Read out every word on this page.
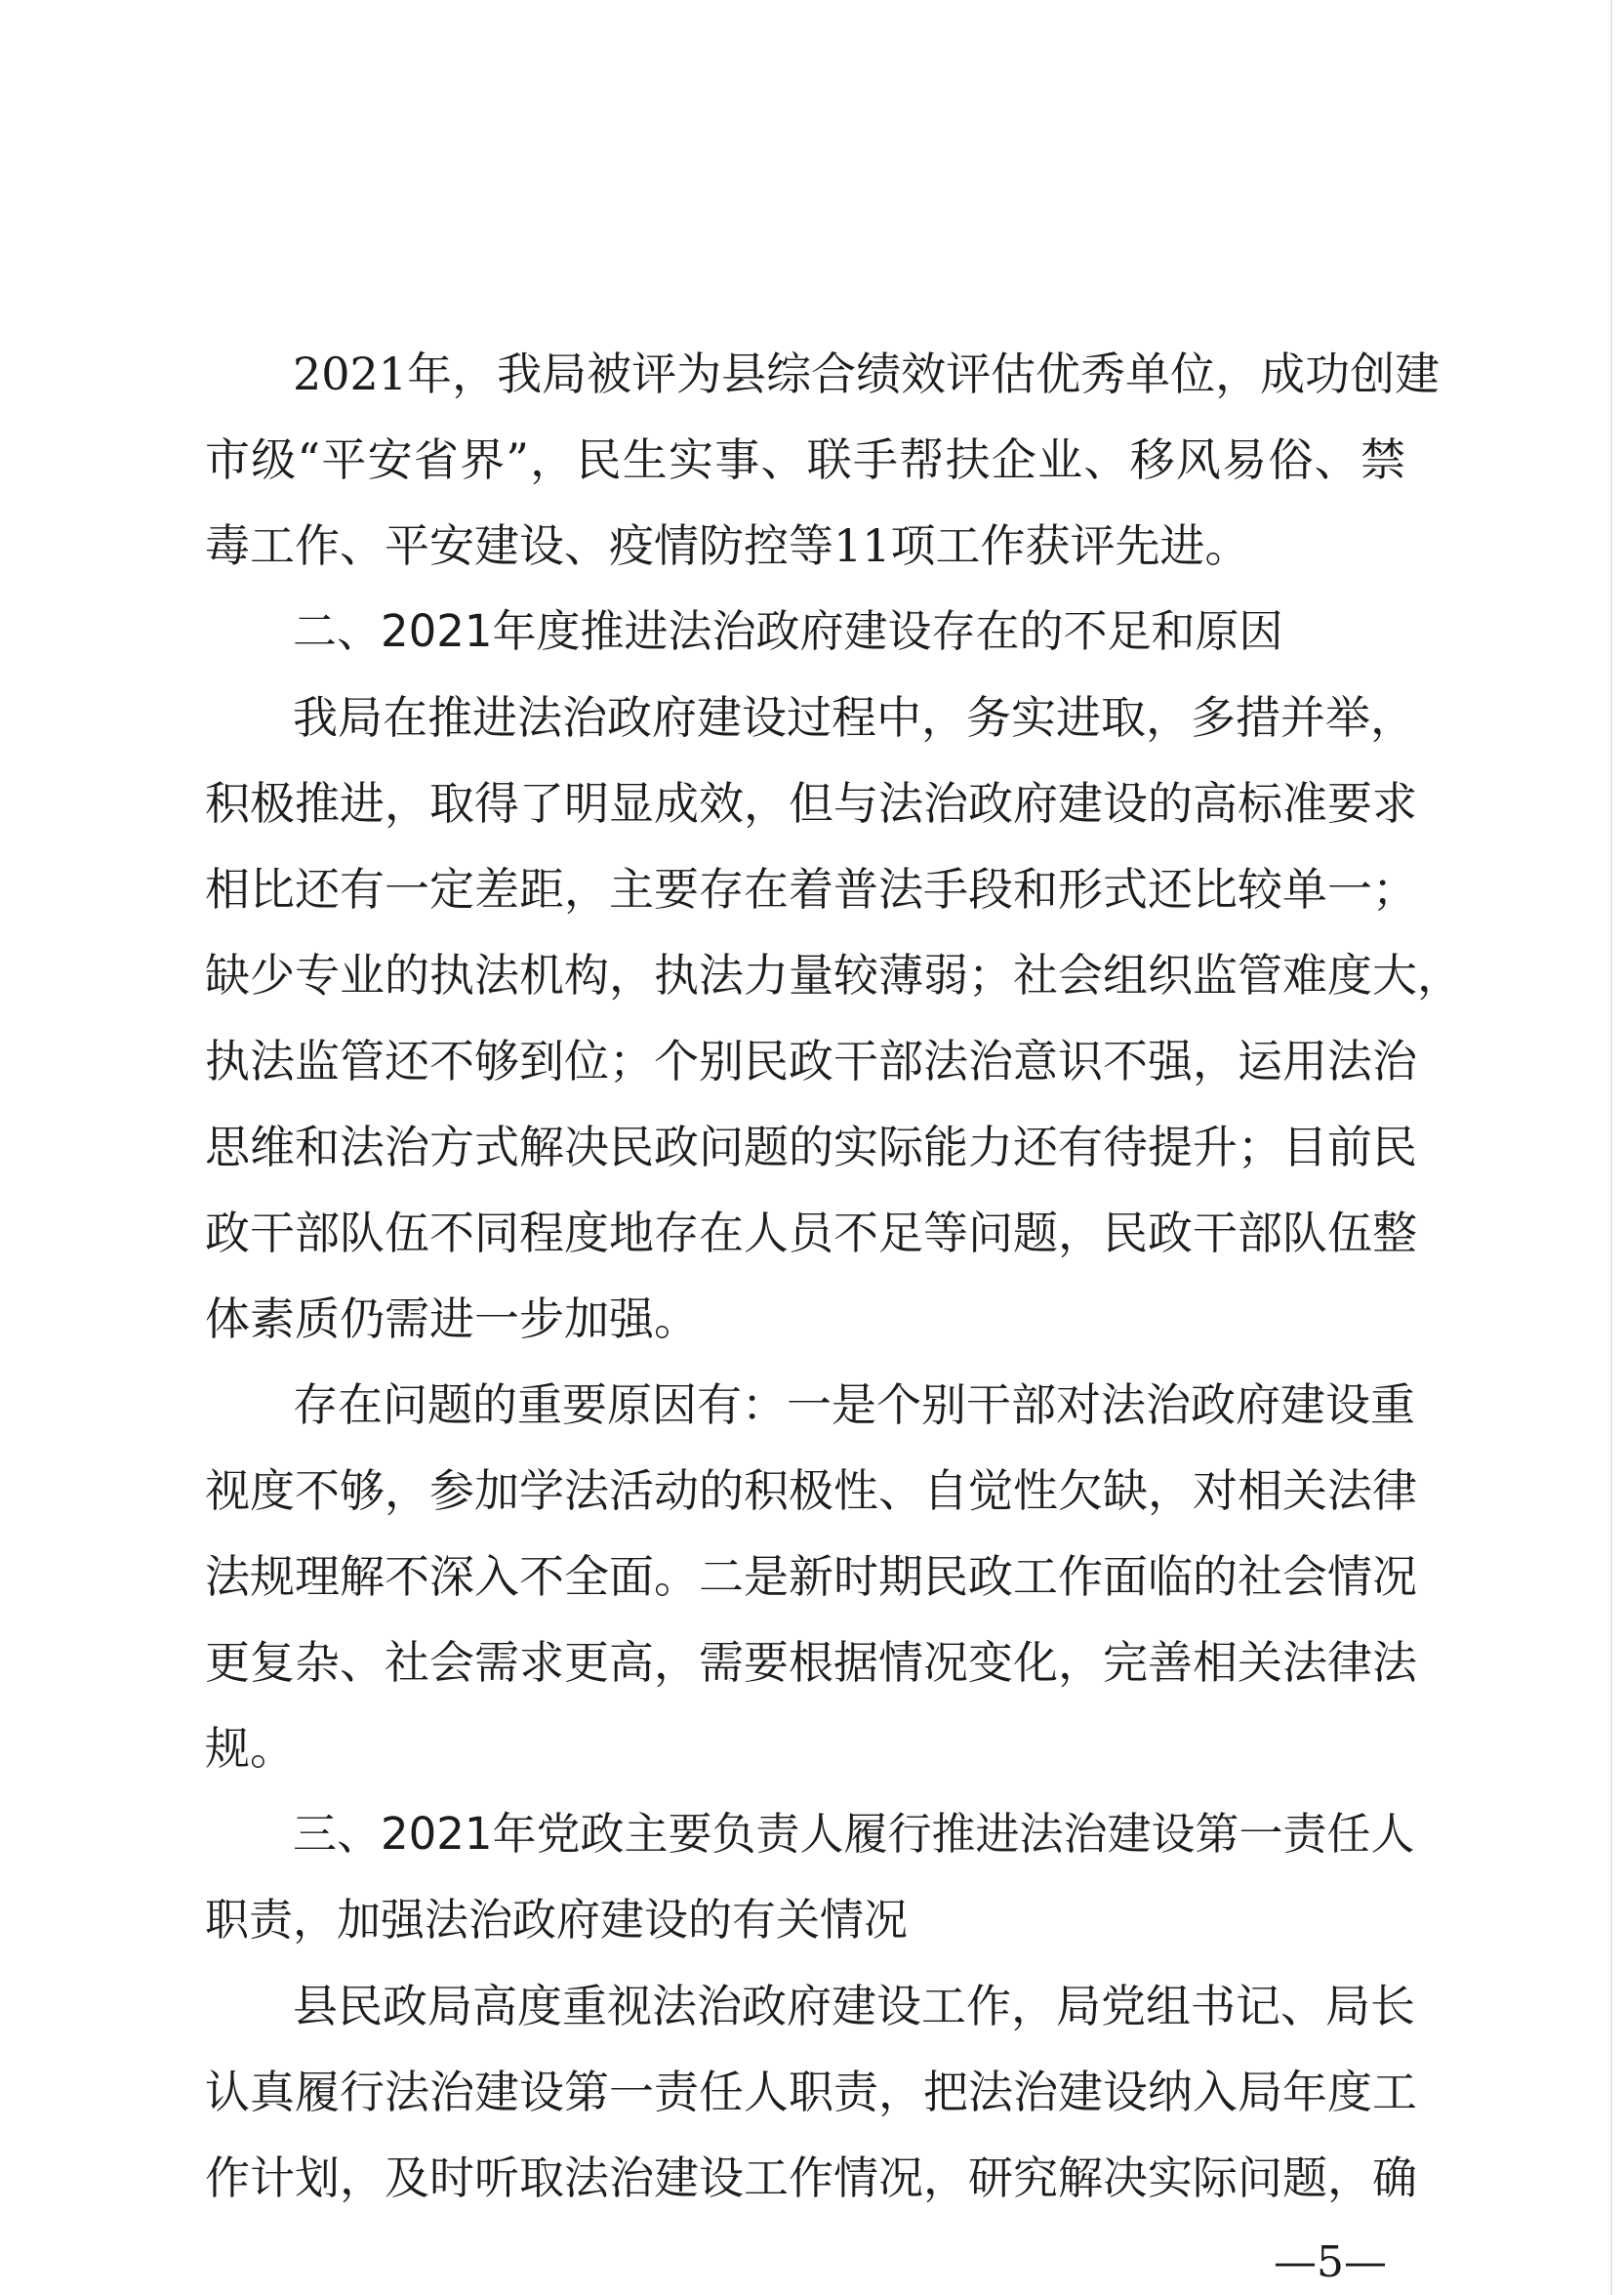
2021年，我局被评为县综合绩效评估优秀单位，成功创建
市级“平安省界”，民生实事、联手帮扶企业、移风易俗、禁
毒工作、平安建设、疫情防控等11项工作获评先进。
二、2021年度推进法治政府建设存在的不足和原因
我局在推进法治政府建设过程中，务实进取，多措并举，
积极推进，取得了明显成效，但与法治政府建设的高标准要求
相比还有一定差距，主要存在着普法手段和形式还比较单一；
缺少专业的执法机构，执法力量较薄弱；社会组织监管难度大，
执法监管还不够到位；个别民政干部法治意识不强，运用法治
思维和法治方式解决民政问题的实际能力还有待提升；目前民
政干部队伍不同程度地存在人员不足等问题，民政干部队伍整
体素质仍需进一步加强。
存在问题的重要原因有：一是个别干部对法治政府建设重
视度不够，参加学法活动的积极性、自觉性欠缺，对相关法律
法规理解不深入不全面。二是新时期民政工作面临的社会情况
更复杂、社会需求更高，需要根据情况变化，完善相关法律法
规。
三、2021年党政主要负责人履行推进法治建设第一责任人
职责，加强法治政府建设的有关情况
县民政局高度重视法治政府建设工作，局党组书记、局长
认真履行法治建设第一责任人职责，把法治建设纳入局年度工
作计划，及时听取法治建设工作情况，研究解决实际问题，确
—5—
